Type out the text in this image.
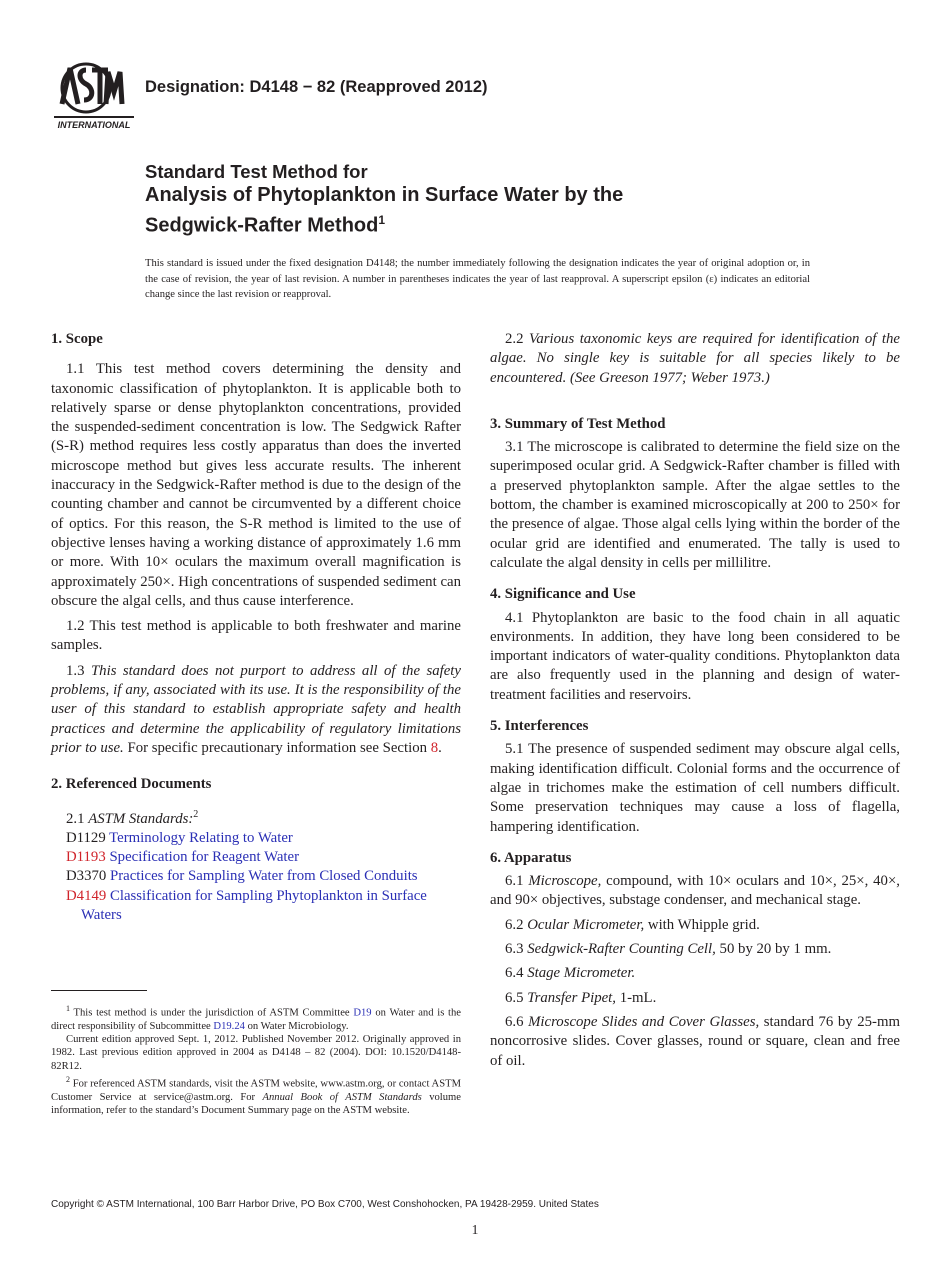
INTERNATIONAL
Designation: D4148 − 82 (Reapproved 2012)
Standard Test Method for
Analysis of Phytoplankton in Surface Water by the
Sedgwick-Rafter Method$^1$
This standard is issued under the fixed designation D4148; the number immediately following the designation indicates the year of original adoption or, in the case of revision, the year of last revision. A number in parentheses indicates the year of last reapproval. A superscript epsilon (ε) indicates an editorial change since the last revision or reapproval.
1. Scope

1.1 This test method covers determining the density and taxonomic classification of phytoplankton. It is applicable both to relatively sparse or dense phytoplankton concentrations, provided the suspended-sediment concentration is low. The Sedgwick Rafter (S-R) method requires less costly apparatus than does the inverted microscope method but gives less accurate results. The inherent inaccuracy in the Sedgwick-Rafter method is due to the design of the counting chamber and cannot be circumvented by a different choice of optics. For this reason, the S-R method is limited to the use of objective lenses having a working distance of approximately 1.6 mm or more. With 10× oculars the maximum overall magnification is approximately 250×. High concentrations of suspended sediment can obscure the algal cells, and thus cause interference.

1.2 This test method is applicable to both freshwater and marine samples.

1.3 This standard does not purport to address all of the safety problems, if any, associated with its use. It is the responsibility of the user of this standard to establish appropriate safety and health practices and determine the applicability of regulatory limitations prior to use. For specific precautionary information see Section 8.

2. Referenced Documents

2.1 ASTM Standards:$^2$

D1129 Terminology Relating to Water
D1193 Specification for Reagent Water
D3370 Practices for Sampling Water from Closed Conduits
D4149 Classification for Sampling Phytoplankton in Surface Waters

$^1$ This test method is under the jurisdiction of ASTM Committee D19 on Water and is the direct responsibility of Subcommittee D19.24 on Water Microbiology.

Current edition approved Sept. 1, 2012. Published November 2012. Originally approved in 1982. Last previous edition approved in 2004 as D4148 – 82 (2004). DOI: 10.1520/D4148-82R12.

$^2$ For referenced ASTM standards, visit the ASTM website, www.astm.org, or contact ASTM Customer Service at service@astm.org. For Annual Book of ASTM Standards volume information, refer to the standard’s Document Summary page on the ASTM website.

2.2 Various taxonomic keys are required for identification of the algae. No single key is suitable for all species likely to be encountered. (See Greeson 1977; Weber 1973.)

3. Summary of Test Method

3.1 The microscope is calibrated to determine the field size on the superimposed ocular grid. A Sedgwick-Rafter chamber is filled with a preserved phytoplankton sample. After the algae settles to the bottom, the chamber is examined microscopically at 200 to 250× for the presence of algae. Those algal cells lying within the border of the ocular grid are identified and enumerated. The tally is used to calculate the algal density in cells per millilitre.

4. Significance and Use

4.1 Phytoplankton are basic to the food chain in all aquatic environments. In addition, they have long been considered to be important indicators of water-quality conditions. Phytoplankton data are also frequently used in the planning and design of water-treatment facilities and reservoirs.

5. Interferences

5.1 The presence of suspended sediment may obscure algal cells, making identification difficult. Colonial forms and the occurrence of algae in trichomes make the estimation of cell numbers difficult. Some preservation techniques may cause a loss of flagella, hampering identification.

6. Apparatus

6.1 Microscope, compound, with 10× oculars and 10×, 25×, 40×, and 90× objectives, substage condenser, and mechanical stage.

6.2 Ocular Micrometer, with Whipple grid.

6.3 Sedgwick-Rafter Counting Cell, 50 by 20 by 1 mm.

6.4 Stage Micrometer.

6.5 Transfer Pipet, 1-mL.

6.6 Microscope Slides and Cover Glasses, standard 76 by 25-mm noncorrosive slides. Cover glasses, round or square, clean and free of oil.

Copyright © ASTM International, 100 Barr Harbor Drive, PO Box C700, West Conshohocken, PA 19428-2959. United States
1
